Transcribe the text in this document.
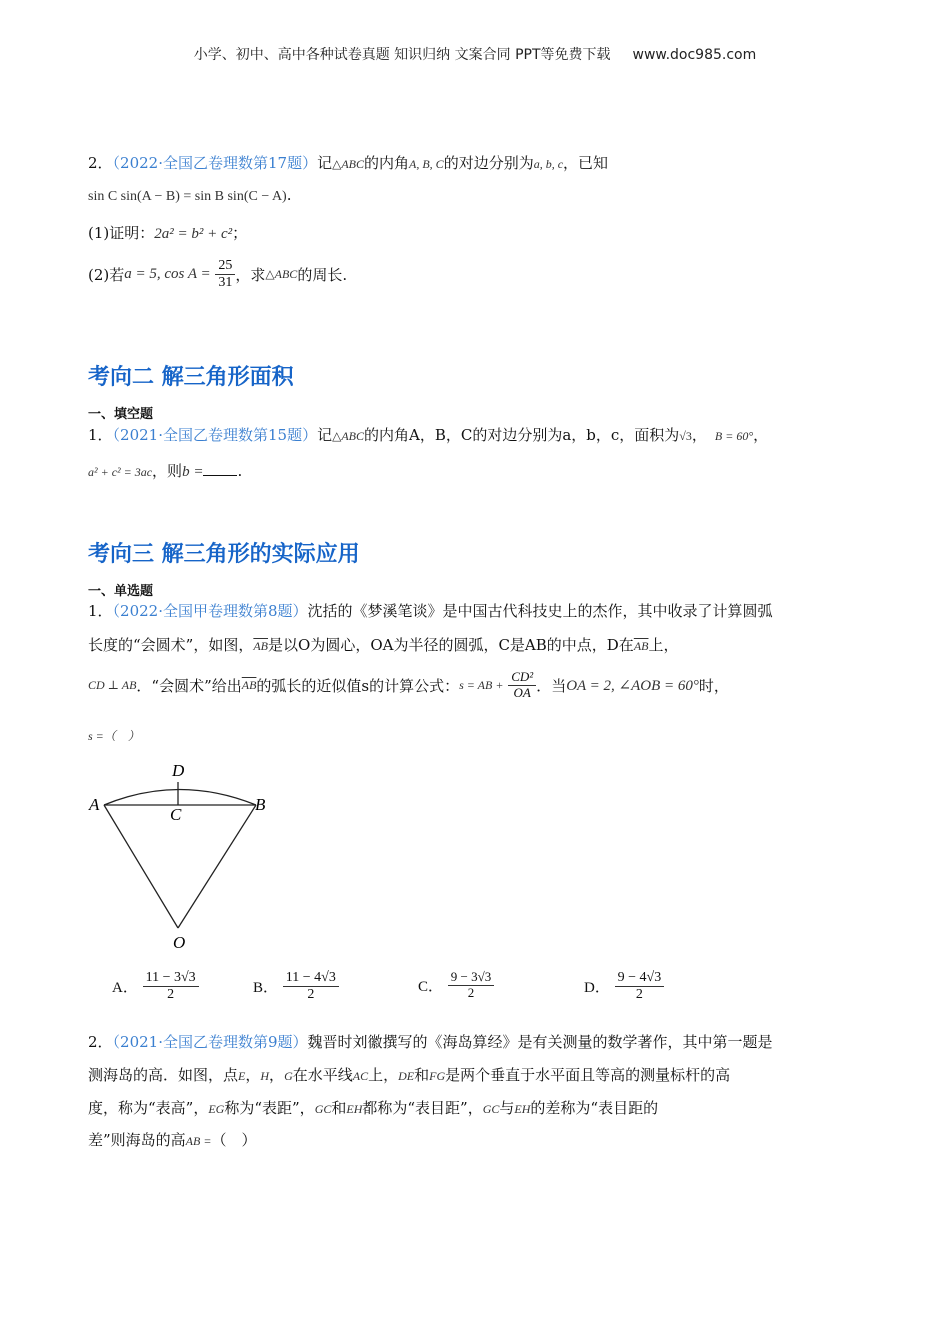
小学、初中、高中各种试卷真题 知识归纳 文案合同 PPT等免费下载 www.doc985.com
2．（2022·全国乙卷理数第17题）记△ABC的内角A, B, C的对边分别为a, b, c，已知
sin C sin(A − B) = sin B sin(C − A).
(1)证明：2a² = b² + c²；
(2)若a = 5, $\cos A = \frac{25}{31}$ ，求△ABC的周长.
考向二 解三角形面积
一、填空题
1．（2021·全国乙卷理数第15题）记△ABC的内角A，B，C的对边分别为a，b，c，面积为√3， B = 60°，
a² + c² = 3ac，则b = .
考向三 解三角形的实际应用
一、单选题
1．（2022·全国甲卷理数第8题）沈括的《梦溪笔谈》是中国古代科技史上的杰作，其中收录了计算圆弧
长度的“会圆术”，如图，$\overline{AB}$是以O为圆心，OA为半径的圆弧，C是AB的中点，D在$\overline{AB}$上，
CD ⊥ AB．“会圆术”给出$\overline{AB}$的弧长的近似值s的计算公式：s = AB + $\frac{\text{CD²}}{OA}$ ．当OA = 2, ∠AOB = 60°时，
s =（　）
A	B
C
D
O
A． $\frac{11 - 3√3}{2}$	B． $\frac{11 - 4√3}{2}$	C． $\frac{9 - 3√3}{2}$	D． $\frac{9 - 4√3}{2}$
2．（2021·全国乙卷理数第9题）魏晋时刘徽撰写的《海岛算经》是有关测量的数学著作，其中第一题是
测海岛的高．如图，点E，H，G在水平线AC上，DE和FG是两个垂直于水平面且等高的测量标杆的高
度，称为“表高”，EG称为“表距”，GC和EH都称为“表目距”，GC与EH的差称为“表目距的
差”则海岛的高AB =（　）
